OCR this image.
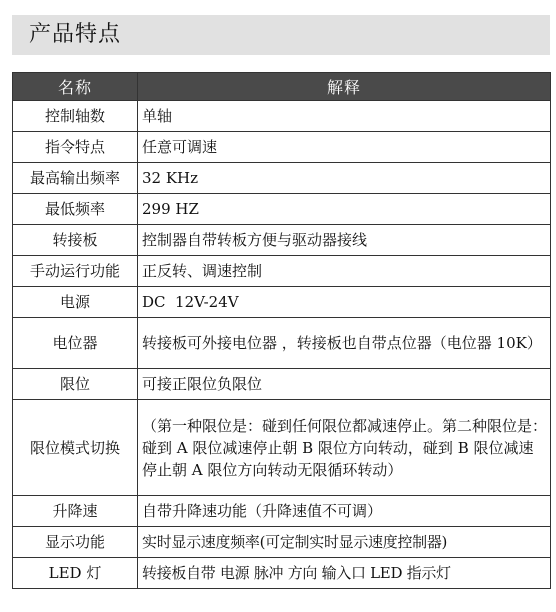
产品特点
名称	解释
控制轴数	单轴
指令特点	任意可调速
最高输出频率	32 KHz
最低频率	299 HZ
转接板	控制器自带转板方便与驱动器接线
手动运行功能	正反转、调速控制
电源	DC  12V-24V
电位器	转接板可外接电位器 ，转接板也自带点位器（电位器 10K）
限位	可接正限位负限位
限位模式切换	（第一种限位是：碰到任何限位都减速停止。第二种限位是：碰到 A 限位减速停止朝 B 限位方向转动，碰到 B 限位减速停止朝 A 限位方向转动无限循环转动）
升降速	自带升降速功能（升降速值不可调）
显示功能	实时显示速度频率(可定制实时显示速度控制器)
LED 灯	转接板自带 电源 脉冲 方向 输入口 LED 指示灯
